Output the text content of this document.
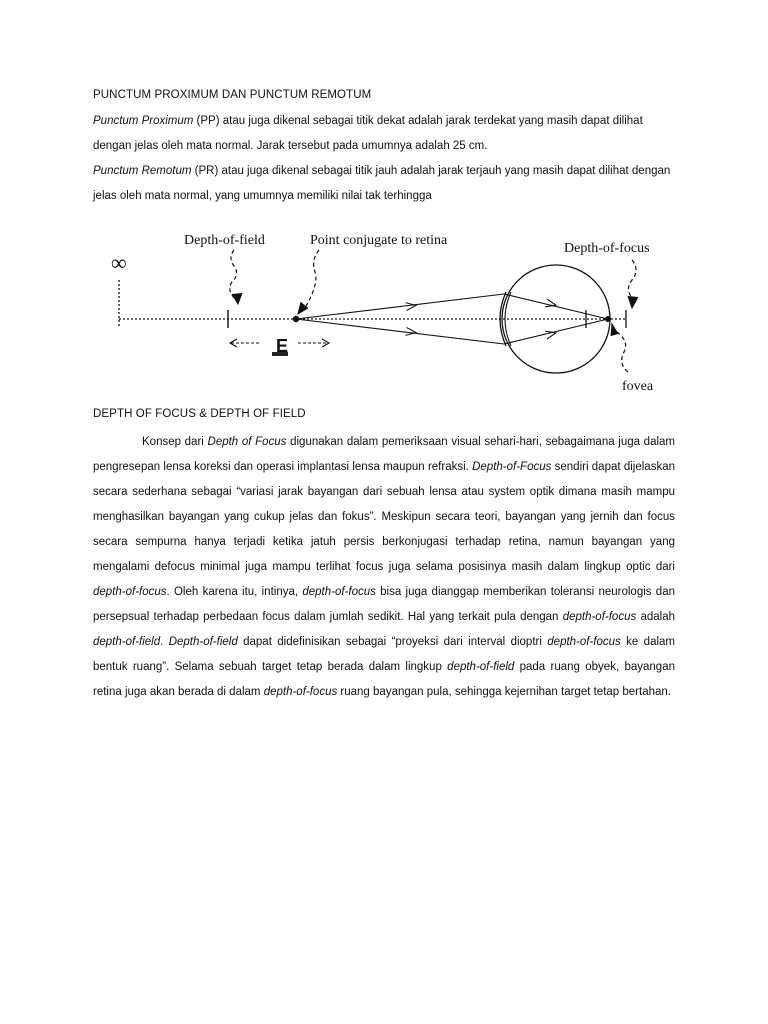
PUNCTUM PROXIMUM DAN PUNCTUM REMOTUM

Punctum Proximum (PP) atau juga dikenal sebagai titik dekat adalah jarak terdekat yang masih dapat dilihat dengan jelas oleh mata normal. Jarak tersebut pada umumnya adalah 25 cm.

Punctum Remotum (PR) atau juga dikenal sebagai titik jauh adalah jarak terjauh yang masih dapat dilihat dengan jelas oleh mata normal, yang umumnya memiliki nilai tak terhingga

DEPTH OF FOCUS & DEPTH OF FIELD
Konsep dari Depth of Focus digunakan dalam pemeriksaan visual sehari-hari, sebagaimana juga dalam pengresepan lensa koreksi dan operasi implantasi lensa maupun refraksi. Depth-of-Focus sendiri dapat dijelaskan secara sederhana sebagai “variasi jarak bayangan dari sebuah lensa atau system optik dimana masih mampu menghasilkan bayangan yang cukup jelas dan fokus”. Meskipun secara teori, bayangan yang jernih dan focus secara sempurna hanya terjadi ketika jatuh persis berkonjugasi terhadap retina, namun bayangan yang mengalami defocus minimal juga mampu terlihat focus juga selama posisinya masih dalam lingkup optic dari depth-of-focus. Oleh karena itu, intinya, depth-of-focus bisa juga dianggap memberikan toleransi neurologis dan persepsual terhadap perbedaan focus dalam jumlah sedikit. Hal yang terkait pula dengan depth-of-focus adalah depth-of-field. Depth-of-field dapat didefinisikan sebagai “proyeksi dari interval dioptri depth-of-focus ke dalam bentuk ruang”. Selama sebuah target tetap berada dalam lingkup depth-of-field pada ruang obyek, bayangan retina juga akan berada di dalam depth-of-focus ruang bayangan pula, sehingga kejernihan target tetap bertahan.
∞
Depth-of-field	Point conjugate to retina
Depth-of-focus
fovea
E
